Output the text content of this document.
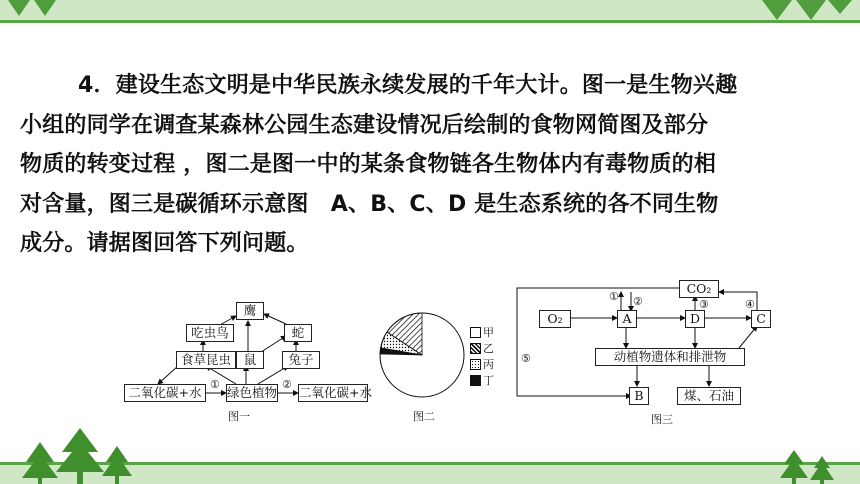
4．建设生态文明是中华民族永续发展的千年大计。图一是生物兴趣
小组的同学在调查某森林公园生态建设情况后绘制的食物网简图及部分
物质的转变过程 ，图二是图一中的某条食物链各生物体内有毒物质的相
对含量，图三是碳循环示意图　A、B、C、D 是生态系统的各不同生物
成分。请据图回答下列问题。
鹰
吃虫鸟	蛇
食草昆虫	鼠	兔子
二氧化碳+水	绿色植物 二氧化碳+水
①	②
图一
甲
乙
丙
丁
图二
CO₂
O₂	A	D	C
动植物遗体和排泄物
B	煤、石油
① ②	③	④
⑤
图三
